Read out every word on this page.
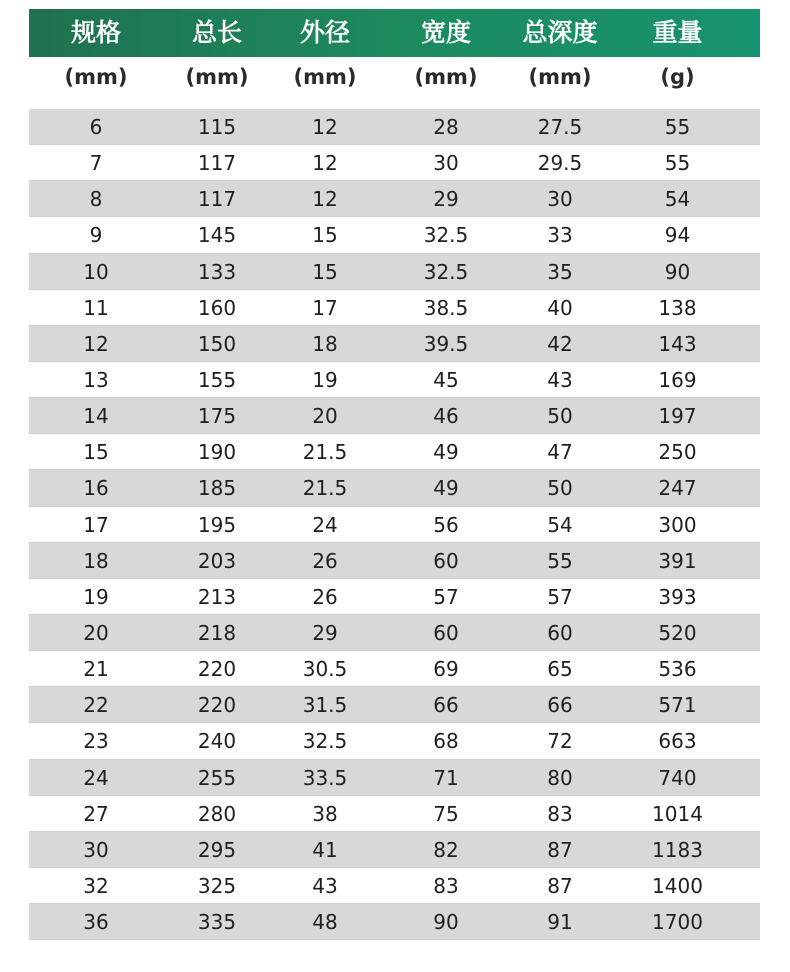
规格	总长	外径	宽度	总深度	重量
(mm)	(mm)	(mm)	(mm)	(mm)	(g)
6	115	12	28	27.5	55
7	117	12	30	29.5	55
8	117	12	29	30	54
9	145	15	32.5	33	94
10	133	15	32.5	35	90
11	160	17	38.5	40	138
12	150	18	39.5	42	143
13	155	19	45	43	169
14	175	20	46	50	197
15	190	21.5	49	47	250
16	185	21.5	49	50	247
17	195	24	56	54	300
18	203	26	60	55	391
19	213	26	57	57	393
20	218	29	60	60	520
21	220	30.5	69	65	536
22	220	31.5	66	66	571
23	240	32.5	68	72	663
24	255	33.5	71	80	740
27	280	38	75	83	1014
30	295	41	82	87	1183
32	325	43	83	87	1400
36	335	48	90	91	1700
